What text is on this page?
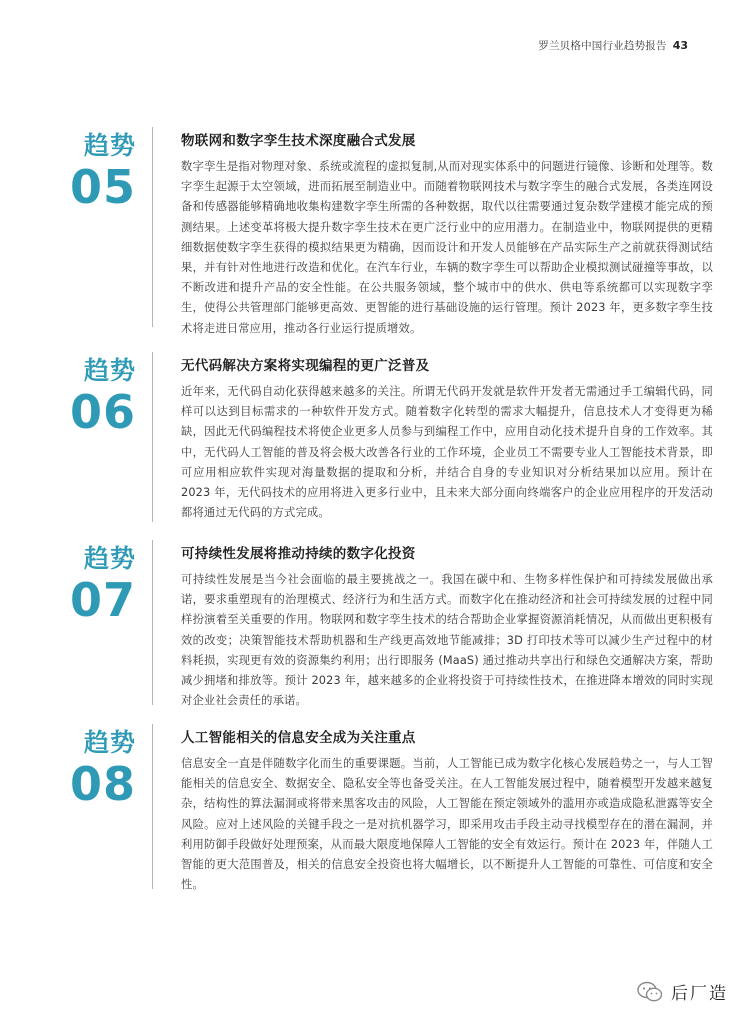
罗兰贝格中国行业趋势报告 43
趋势
05
物联网和数字孪生技术深度融合式发展

数字孪生是指对物理对象、系统或流程的虚拟复制,从而对现实体系中的问题进行镜像、诊断和处理等。数字孪生起源于太空领域，进而拓展至制造业中。而随着物联网技术与数字孪生的融合式发展，各类连网设备和传感器能够精确地收集构建数字孪生所需的各种数据，取代以往需要通过复杂数学建模才能完成的预测结果。上述变革将极大提升数字孪生技术在更广泛行业中的应用潜力。在制造业中，物联网提供的更精细数据使数字孪生获得的模拟结果更为精确，因而设计和开发人员能够在产品实际生产之前就获得测试结果，并有针对性地进行改造和优化。在汽车行业，车辆的数字孪生可以帮助企业模拟测试碰撞等事故，以不断改进和提升产品的安全性能。在公共服务领域，整个城市中的供水、供电等系统都可以实现数字孪生，使得公共管理部门能够更高效、更智能的进行基础设施的运行管理。预计 2023 年，更多数字孪生技术将走进日常应用，推动各行业运行提质增效。

趋势
06
无代码解决方案将实现编程的更广泛普及

近年来，无代码自动化获得越来越多的关注。所谓无代码开发就是软件开发者无需通过手工编辑代码，同样可以达到目标需求的一种软件开发方式。随着数字化转型的需求大幅提升，信息技术人才变得更为稀缺，因此无代码编程技术将使企业更多人员参与到编程工作中，应用自动化技术提升自身的工作效率。其中，无代码人工智能的普及将会极大改善各行业的工作环境，企业员工不需要专业人工智能技术背景，即可应用相应软件实现对海量数据的提取和分析，并结合自身的专业知识对分析结果加以应用。预计在 2023 年，无代码技术的应用将进入更多行业中，且未来大部分面向终端客户的企业应用程序的开发活动都将通过无代码的方式完成。

趋势
07
可持续性发展将推动持续的数字化投资

可持续性发展是当今社会面临的最主要挑战之一。我国在碳中和、生物多样性保护和可持续发展做出承诺，要求重塑现有的治理模式、经济行为和生活方式。而数字化在推动经济和社会可持续发展的过程中同样扮演着至关重要的作用。物联网和数字孪生技术的结合帮助企业掌握资源消耗情况，从而做出更积极有效的改变；决策智能技术帮助机器和生产线更高效地节能减排；3D 打印技术等可以减少生产过程中的材料耗损，实现更有效的资源集约利用；出行即服务 (MaaS) 通过推动共享出行和绿色交通解决方案，帮助减少拥堵和排放等。预计 2023 年，越来越多的企业将投资于可持续性技术，在推进降本增效的同时实现对企业社会责任的承诺。

趋势
08
人工智能相关的信息安全成为关注重点

信息安全一直是伴随数字化而生的重要课题。当前，人工智能已成为数字化核心发展趋势之一，与人工智能相关的信息安全、数据安全、隐私安全等也备受关注。在人工智能发展过程中，随着模型开发越来越复杂，结构性的算法漏洞或将带来黑客攻击的风险，人工智能在预定领域外的滥用亦或造成隐私泄露等安全风险。应对上述风险的关键手段之一是对抗机器学习，即采用攻击手段主动寻找模型存在的潜在漏洞，并利用防御手段做好处理预案，从而最大限度地保障人工智能的安全有效运行。预计在 2023 年，伴随人工智能的更大范围普及，相关的信息安全投资也将大幅增长，以不断提升人工智能的可靠性、可信度和安全性。

后厂造
